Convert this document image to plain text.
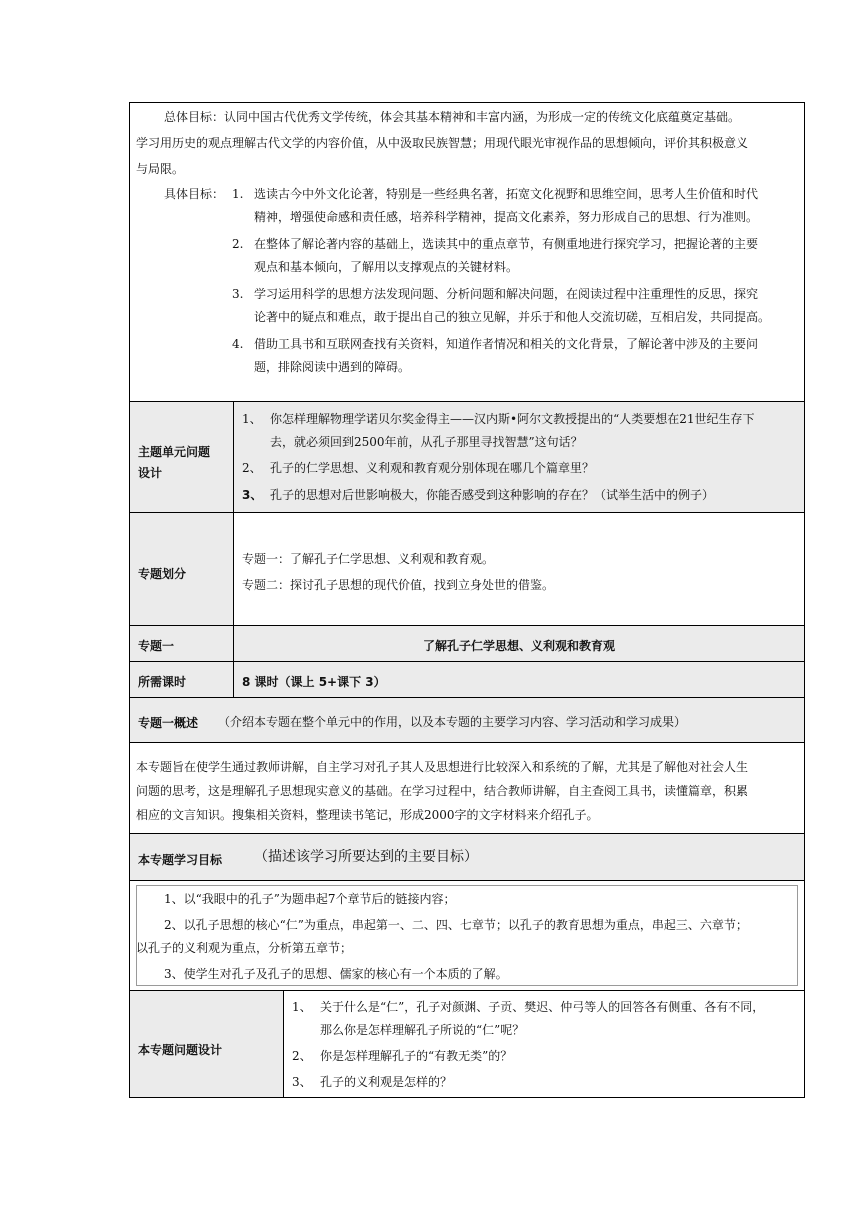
总体目标：认同中国古代优秀文学传统，体会其基本精神和丰富内涵，为形成一定的传统文化底蕴奠定基础。
学习用历史的观点理解古代文学的内容价值，从中汲取民族智慧；用现代眼光审视作品的思想倾向，评价其积极意义
与局限。
具体目标： 1. 选读古今中外文化论著，特别是一些经典名著，拓宽文化视野和思维空间，思考人生价值和时代
精神，增强使命感和责任感，培养科学精神，提高文化素养，努力形成自己的思想、行为准则。
2. 在整体了解论著内容的基础上，选读其中的重点章节，有侧重地进行探究学习，把握论著的主要
观点和基本倾向，了解用以支撑观点的关键材料。
3. 学习运用科学的思想方法发现问题、分析问题和解决问题，在阅读过程中注重理性的反思，探究
论著中的疑点和难点，敢于提出自己的独立见解，并乐于和他人交流切磋，互相启发，共同提高。
4. 借助工具书和互联网查找有关资料，知道作者情况和相关的文化背景，了解论著中涉及的主要问
题，排除阅读中遇到的障碍。
主题单元问题
设计
1、 你怎样理解物理学诺贝尔奖金得主——汉内斯•阿尔文教授提出的“人类要想在21世纪生存下
去，就必须回到2500年前，从孔子那里寻找智慧”这句话？
2、 孔子的仁学思想、义利观和教育观分别体现在哪几个篇章里？
3、 孔子的思想对后世影响极大，你能否感受到这种影响的存在？（试举生活中的例子）
专题划分
专题一：了解孔子仁学思想、义利观和教育观。
专题二：探讨孔子思想的现代价值，找到立身处世的借鉴。
专题一	了解孔子仁学思想、义利观和教育观
所需课时	8 课时（课上 5+课下 3）
专题一概述 （介绍本专题在整个单元中的作用，以及本专题的主要学习内容、学习活动和学习成果）
本专题旨在使学生通过教师讲解，自主学习对孔子其人及思想进行比较深入和系统的了解，尤其是了解他对社会人生
问题的思考，这是理解孔子思想现实意义的基础。在学习过程中，结合教师讲解，自主查阅工具书，读懂篇章，积累
相应的文言知识。搜集相关资料，整理读书笔记，形成2000字的文字材料来介绍孔子。
本专题学习目标 （描述该学习所要达到的主要目标）
1、以“我眼中的孔子”为题串起7个章节后的链接内容；
2、以孔子思想的核心“仁”为重点，串起第一、二、四、七章节；以孔子的教育思想为重点，串起三、六章节；
以孔子的义利观为重点，分析第五章节；
3、使学生对孔子及孔子的思想、儒家的核心有一个本质的了解。
本专题问题设计
1、 关于什么是“仁”，孔子对颜渊、子贡、樊迟、仲弓等人的回答各有侧重、各有不同，
那么你是怎样理解孔子所说的“仁”呢？
2、 你是怎样理解孔子的“有教无类”的？
3、 孔子的义利观是怎样的？
